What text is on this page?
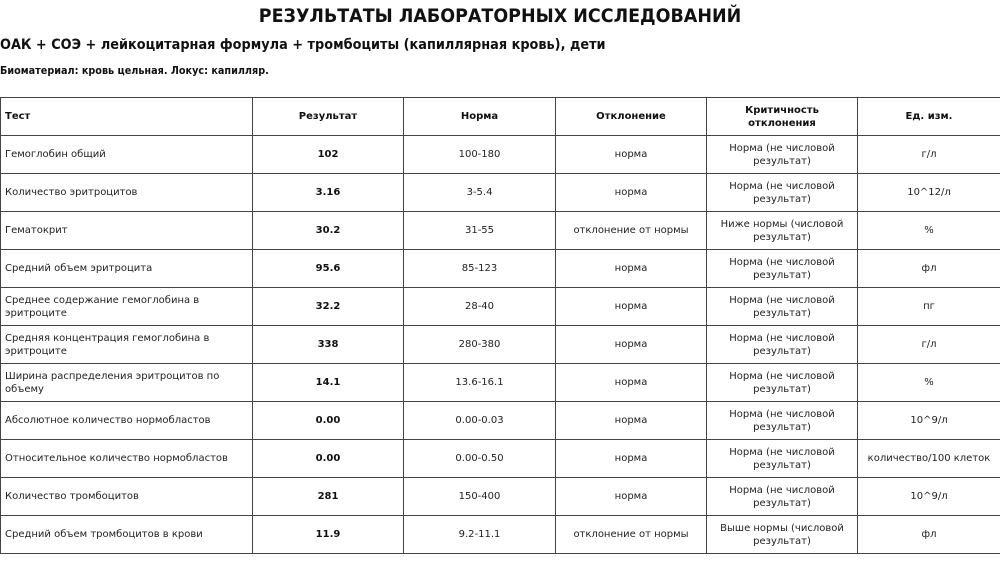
РЕЗУЛЬТАТЫ ЛАБОРАТОРНЫХ ИССЛЕДОВАНИЙ
ОАК + СОЭ + лейкоцитарная формула + тромбоциты (капиллярная кровь), дети
Биоматериал: кровь цельная. Локус: капилляр.
Тест	Результат	Норма	Отклонение	Критичность отклонения	Ед. изм.
Гемоглобин общий	102	100-180	норма	Норма (не числовой результат)	г/л
Количество эритроцитов	3.16	3-5.4	норма	Норма (не числовой результат)	10^12/л
Гематокрит	30.2	31-55	отклонение от нормы	Ниже нормы (числовой результат)	%
Средний объем эритроцита	95.6	85-123	норма	Норма (не числовой результат)	фл
Среднее содержание гемоглобина в эритроците	32.2	28-40	норма	Норма (не числовой результат)	пг
Средняя концентрация гемоглобина в эритроците	338	280-380	норма	Норма (не числовой результат)	г/л
Ширина распределения эритроцитов по объему	14.1	13.6-16.1	норма	Норма (не числовой результат)	%
Абсолютное количество нормобластов	0.00	0.00-0.03	норма	Норма (не числовой результат)	10^9/л
Относительное количество нормобластов	0.00	0.00-0.50	норма	Норма (не числовой результат)	количество/100 клеток
Количество тромбоцитов	281	150-400	норма	Норма (не числовой результат)	10^9/л
Средний объем тромбоцитов в крови	11.9	9.2-11.1	отклонение от нормы	Выше нормы (числовой результат)	фл
